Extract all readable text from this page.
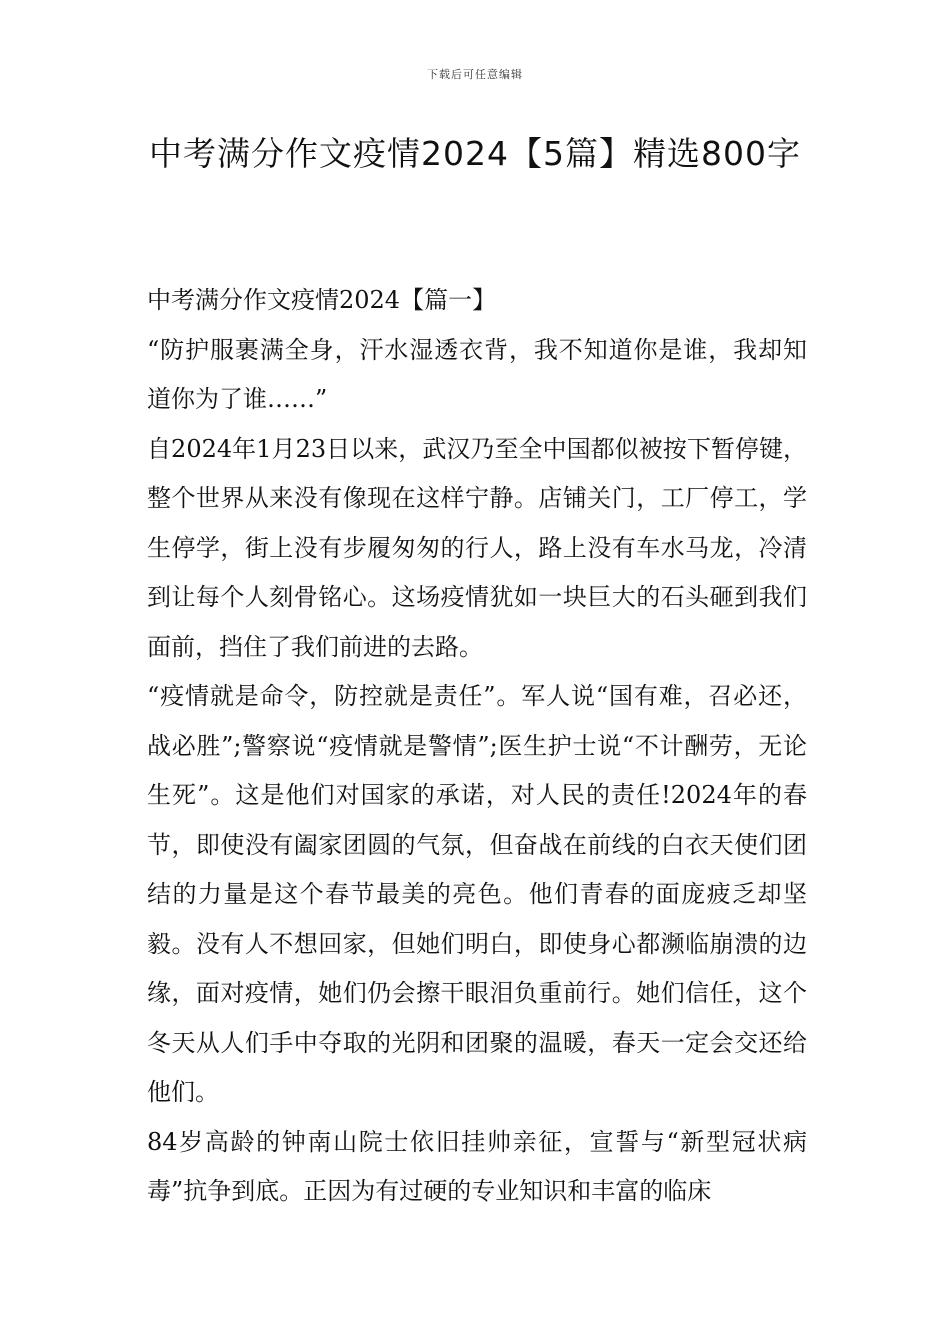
下载后可任意编辑
中考满分作文疫情2024【5篇】精选800字

中考满分作文疫情2024【篇一】

“防护服裹满全身，汗水湿透衣背，我不知道你是谁，我却知道你为了谁……”

自2024年1月23日以来，武汉乃至全中国都似被按下暂停键，整个世界从来没有像现在这样宁静。店铺关门，工厂停工，学生停学，街上没有步履匆匆的行人，路上没有车水马龙，冷清到让每个人刻骨铭心。这场疫情犹如一块巨大的石头砸到我们面前，挡住了我们前进的去路。

“疫情就是命令，防控就是责任”。军人说“国有难，召必还，战必胜”;警察说“疫情就是警情”;医生护士说“不计酬劳，无论生死”。这是他们对国家的承诺，对人民的责任!2024年的春节，即使没有阖家团圆的气氛，但奋战在前线的白衣天使们团结的力量是这个春节最美的亮色。他们青春的面庞疲乏却坚毅。没有人不想回家，但她们明白，即使身心都濒临崩溃的边缘，面对疫情，她们仍会擦干眼泪负重前行。她们信任，这个冬天从人们手中夺取的光阴和团聚的温暖，春天一定会交还给他们。

84岁高龄的钟南山院士依旧挂帅亲征，宣誓与“新型冠状病毒”抗争到底。正因为有过硬的专业知识和丰富的临床
